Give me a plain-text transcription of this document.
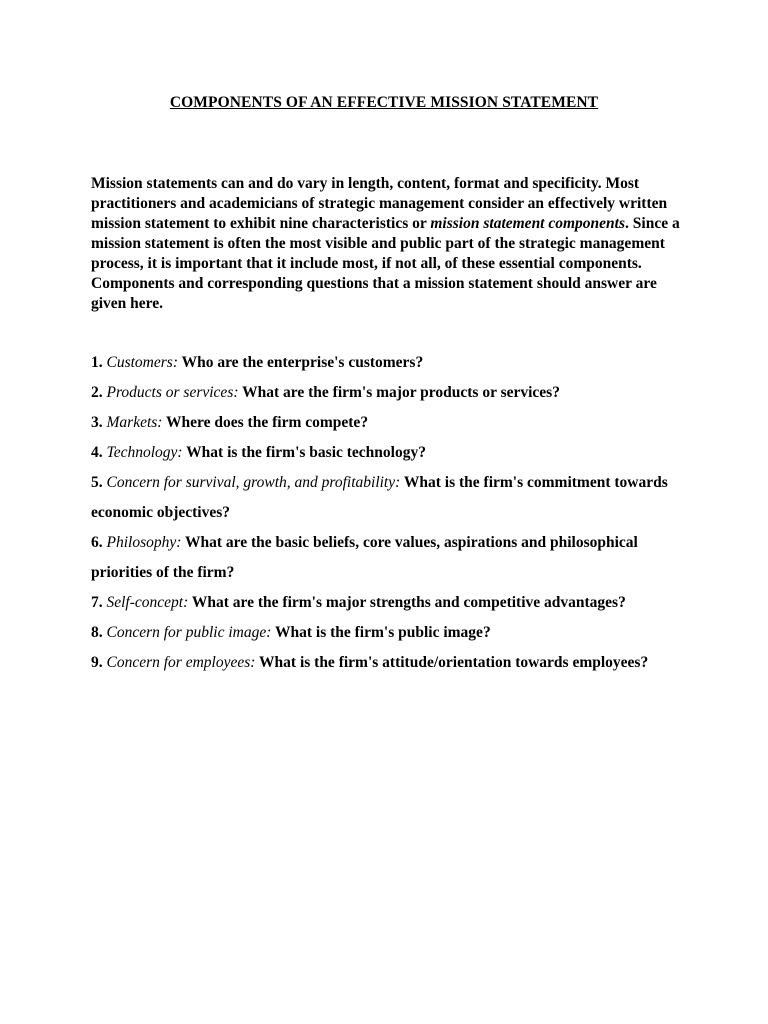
COMPONENTS OF AN EFFECTIVE MISSION STATEMENT

Mission statements can and do vary in length, content, format and specificity. Most practitioners and academicians of strategic management consider an effectively written mission statement to exhibit nine characteristics or mission statement components. Since a mission statement is often the most visible and public part of the strategic management process, it is important that it include most, if not all, of these essential components. Components and corresponding questions that a mission statement should answer are given here.

1. Customers: Who are the enterprise's customers?
2. Products or services: What are the firm's major products or services?
3. Markets: Where does the firm compete?
4. Technology: What is the firm's basic technology?
5. Concern for survival, growth, and profitability: What is the firm's commitment towards economic objectives?
6. Philosophy: What are the basic beliefs, core values, aspirations and philosophical priorities of the firm?
7. Self-concept: What are the firm's major strengths and competitive advantages?
8. Concern for public image: What is the firm's public image?
9. Concern for employees: What is the firm's attitude/orientation towards employees?
